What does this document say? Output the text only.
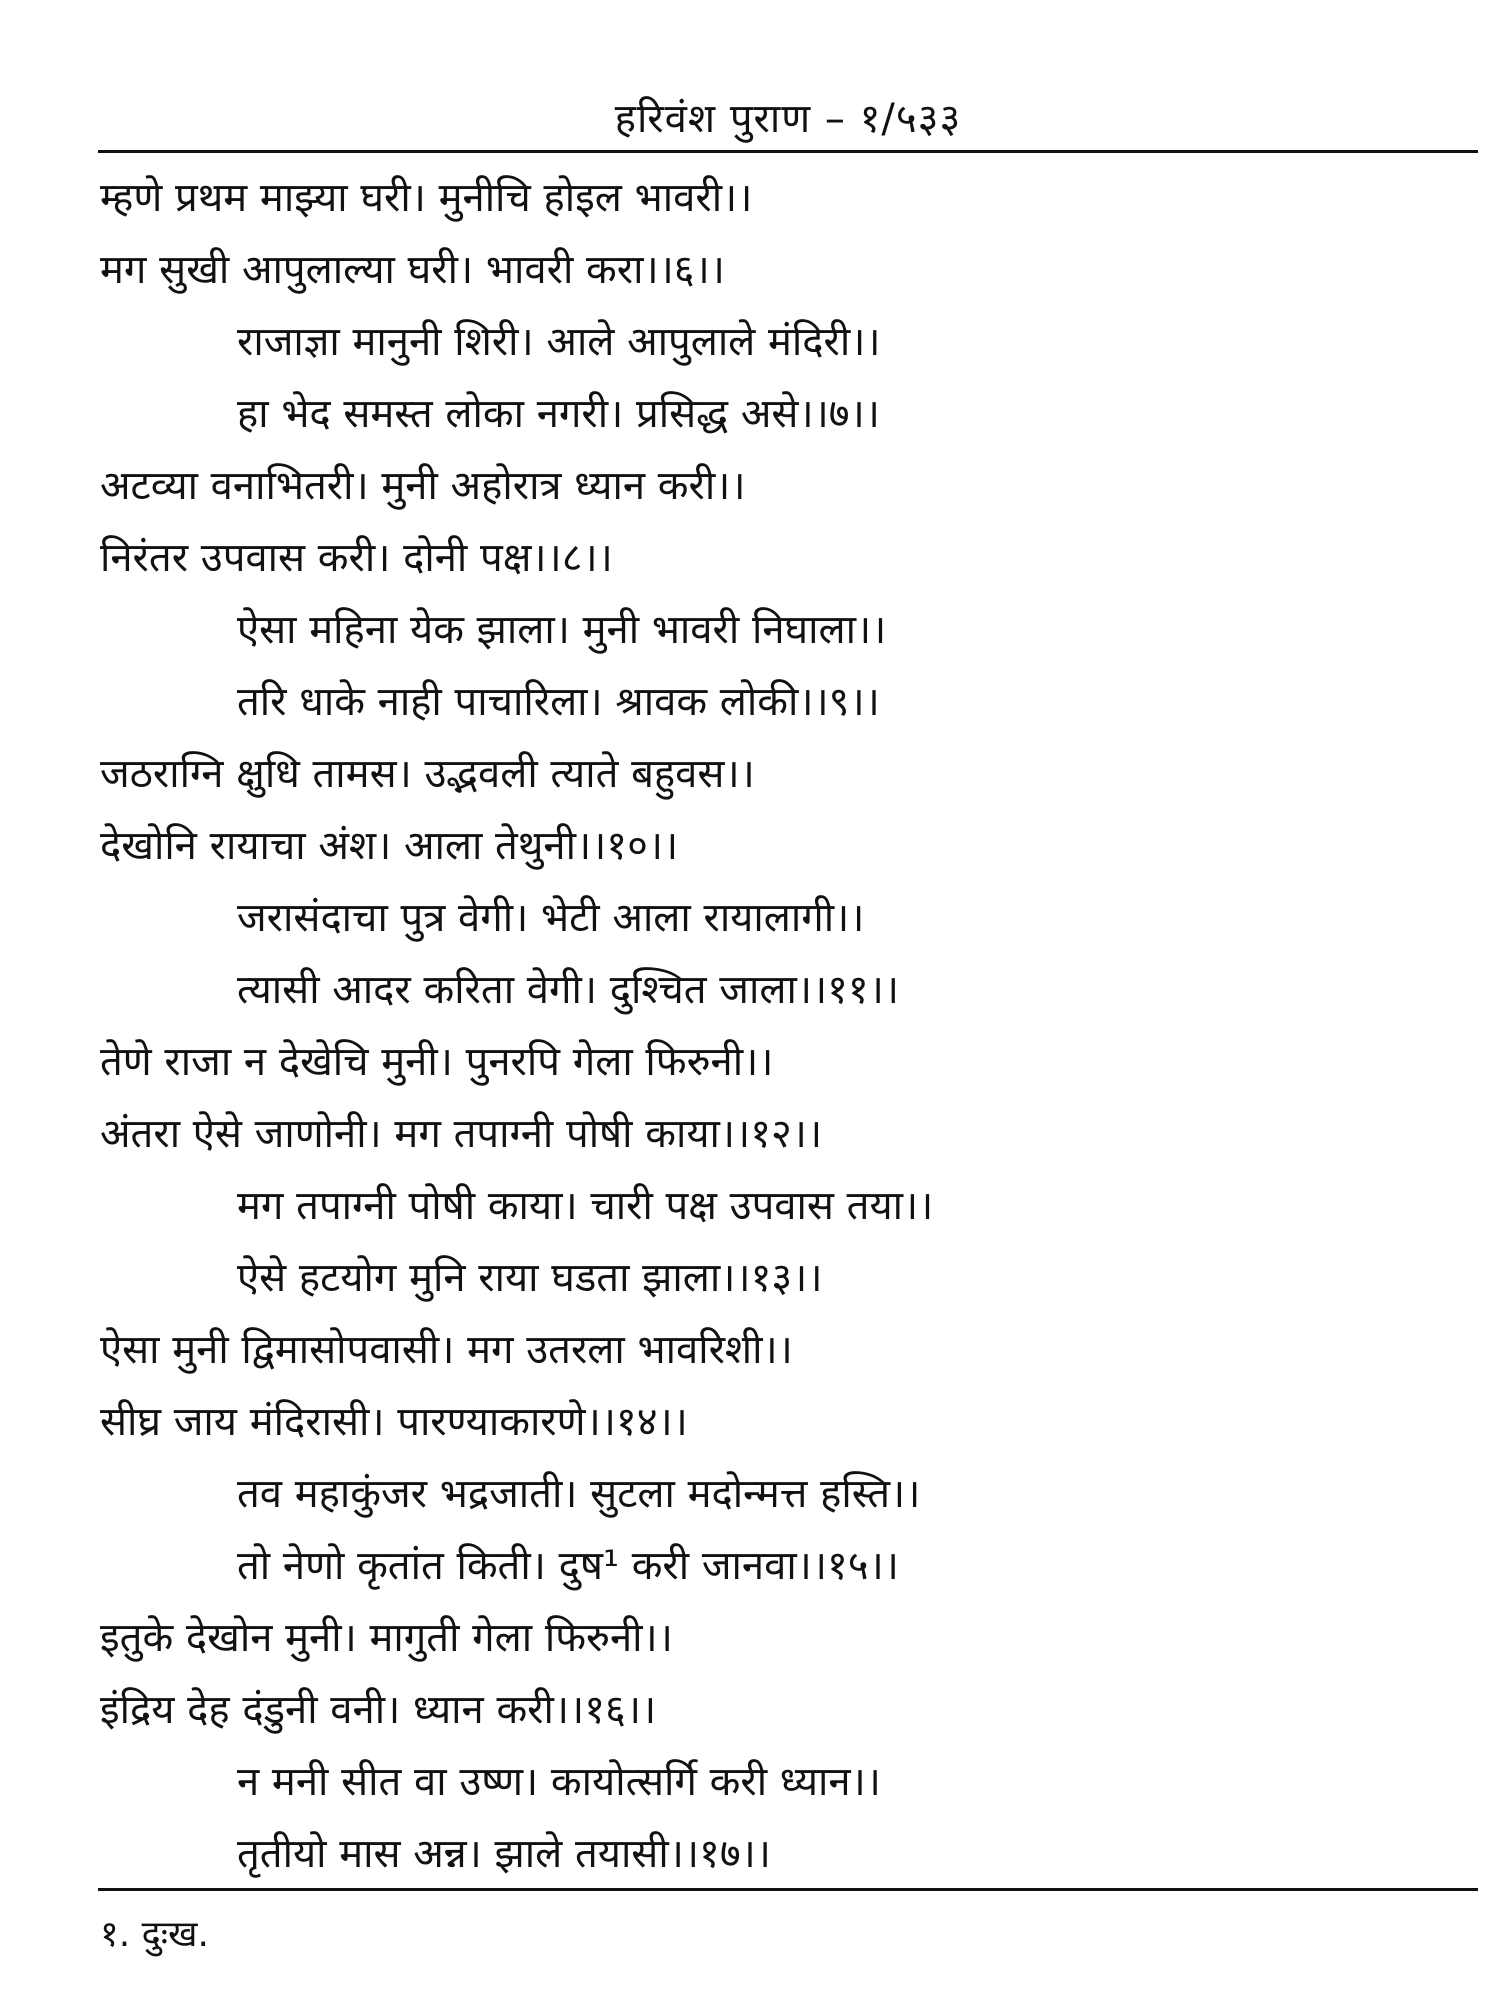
हरिवंश पुराण – १/५३३
म्हणे प्रथम माझ्या घरी। मुनीचि होइल भावरी।।
मग सुखी आपुलाल्या घरी। भावरी करा।।६।।
राजाज्ञा मानुनी शिरी। आले आपुलाले मंदिरी।।
हा भेद समस्त लोका नगरी। प्रसिद्ध असे।।७।।
अटव्या वनाभितरी। मुनी अहोरात्र ध्यान करी।।
निरंतर उपवास करी। दोनी पक्ष।।८।।
ऐसा महिना येक झाला। मुनी भावरी निघाला।।
तरि धाके नाही पाचारिला। श्रावक लोकी।।९।।
जठराग्नि क्षुधि तामस। उद्भवली त्याते बहुवस।।
देखोनि रायाचा अंश। आला तेथुनी।।१०।।
जरासंदाचा पुत्र वेगी। भेटी आला रायालागी।।
त्यासी आदर करिता वेगी। दुश्चित जाला।।११।।
तेणे राजा न देखेचि मुनी। पुनरपि गेला फिरुनी।।
अंतरा ऐसे जाणोनी। मग तपाग्नी पोषी काया।।१२।।
मग तपाग्नी पोषी काया। चारी पक्ष उपवास तया।।
ऐसे हटयोग मुनि राया घडता झाला।।१३।।
ऐसा मुनी द्विमासोपवासी। मग उतरला भावरिशी।।
सीघ्र जाय मंदिरासी। पारण्याकारणे।।१४।।
तव महाकुंजर भद्रजाती। सुटला मदोन्मत्त हस्ति।।
तो नेणो कृतांत किती। दुष¹ करी जानवा।।१५।।
इतुके देखोन मुनी। मागुती गेला फिरुनी।।
इंद्रिय देह दंडुनी वनी। ध्यान करी।।१६।।
न मनी सीत वा उष्ण। कायोत्सर्गि करी ध्यान।।
तृतीयो मास अन्न। झाले तयासी।।१७।।
१. दुःख.
